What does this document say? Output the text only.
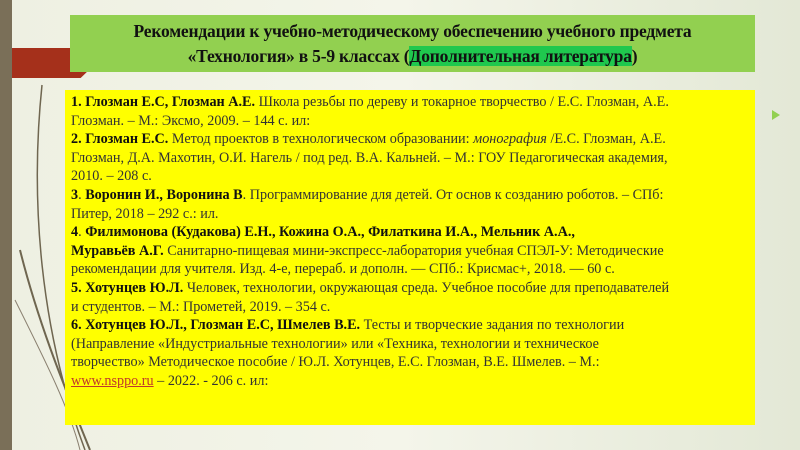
Рекомендации к учебно-методическому обеспечению учебного предмета
«Технология» в 5-9 классах (Дополнительная литература)

1. Глозман Е.С, Глозман А.Е. Школа резьбы по дереву и токарное творчество / Е.С. Глозман, А.Е.

Глозман. – М.: Эксмо, 2009. – 144 с. ил:

2. Глозман Е.С. Метод проектов в технологическом образовании: монография /Е.С. Глозман, А.Е.

Глозман, Д.А. Махотин, О.И. Нагель / под ред. В.А. Кальней. – М.: ГОУ Педагогическая академия,

2010. – 208 с.

3. Воронин И., Воронина В. Программирование для детей. От основ к созданию роботов. – СПб:

Питер, 2018 – 292 с.: ил.

4. Филимонова (Кудакова) Е.Н., Кожина О.А., Филаткина И.А., Мельник А.А.,

Муравьёв А.Г. Санитарно-пищевая мини-экспресс-лаборатория учебная СПЭЛ-У: Методические

рекомендации для учителя. Изд. 4-е, перераб. и дополн. — СПб.: Крисмас+, 2018. — 60 с.

5. Хотунцев Ю.Л. Человек, технологии, окружающая среда. Учебное пособие для преподавателей

и студентов. – М.: Прометей, 2019. – 354 с.

6. Хотунцев Ю.Л., Глозман Е.С, Шмелев В.Е. Тесты и творческие задания по технологии

(Направление «Индустриальные технологии» или «Техника, технологии и техническое

творчество» Методическое пособие / Ю.Л. Хотунцев, Е.С. Глозман, В.Е. Шмелев. – М.:

www.nsppo.ru – 2022. - 206 с. ил:
